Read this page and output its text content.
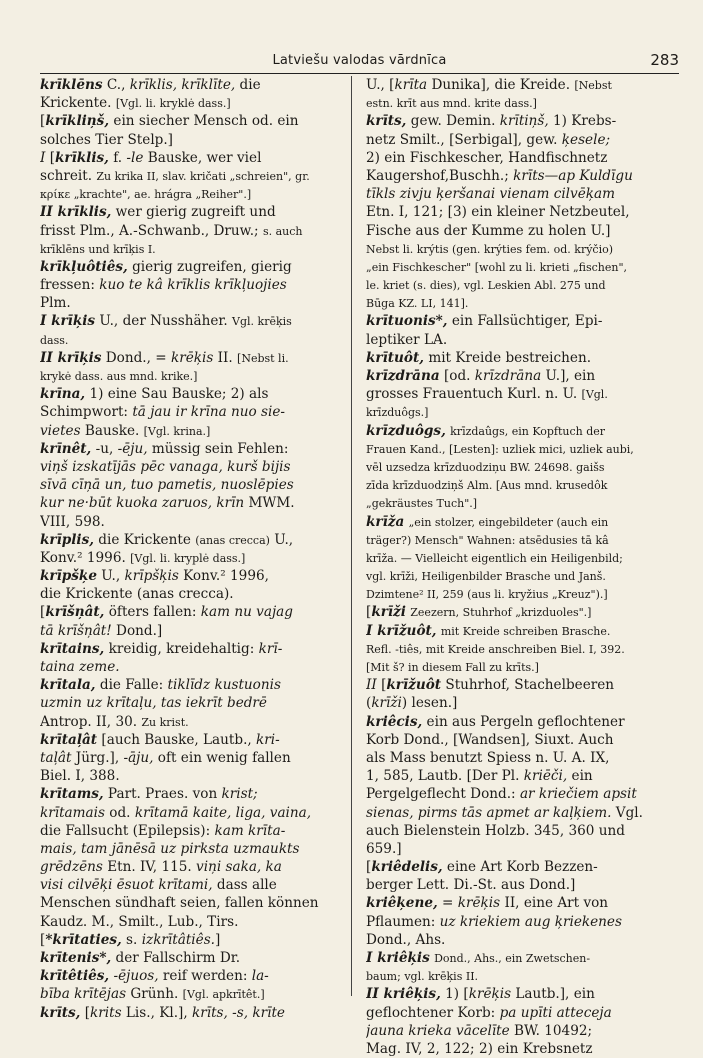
Latviešu valodas vārdnīca	283
krīklēns C., krīklis, krīklīte, die
Krickente. [Vgl. li. kryklė dass.]
[krīkliņš, ein siecher Mensch od. ein
solches Tier Stelp.]
I [krīklis, f. -le Bauske, wer viel
schreit. Zu krika II, slav. kričati „schreien", gr.
κρίκε „krachte", ae. hrágra „Reiher".]
II krīklis, wer gierig zugreift und
frisst Plm., A.-Schwanb., Druw.; s. auch
krīklēns und krīķis I.
krīkļuôtiês, gierig zugreifen, gierig
fressen: kuo te kâ krīklis krīkļuojies
Plm.
I krīķis U., der Nusshäher. Vgl. krēķis
dass.
II krīķis Dond., = krēķis II. [Nebst li.
krykė dass. aus mnd. krike.]
krīna, 1) eine Sau Bauske; 2) als
Schimpwort: tā jau ir krīna nuo sie-
vietes Bauske. [Vgl. krina.]
krīnêt, -u, -ēju, müssig sein Fehlen:
viņš izskatījās pēc vanaga, kurš bijis
sīvā cīņā un, tuo pametis, nuoslēpies
kur ne·būt kuoka zaruos, krīn MWM.
VIII, 598.
krīplis, die Krickente (anas crecca) U.,
Konv.² 1996. [Vgl. li. kryplė dass.]
krīpšķe U., krīpšķis Konv.² 1996,
die Krickente (anas crecca).
[krīšņât, öfters fallen: kam nu vajag
tā krīšņât! Dond.]
krītains, kreidig, kreidehaltig: krī-
taina zeme.
krītala, die Falle: tiklīdz kustuonis
uzmin uz krītaļu, tas iekrīt bedrē
Antrop. II, 30. Zu krist.
krītaļât [auch Bauske, Lautb., kri-
taļât Jürg.], -āju, oft ein wenig fallen
Biel. I, 388.
krītams, Part. Praes. von krist;
krītamais od. krītamā kaite, liga, vaina,
die Fallsucht (Epilepsis): kam krīta-
mais, tam jānēsā uz pirksta uzmaukts
grēdzēns Etn. IV, 115. viņi saka, ka
visi cilvēķi ēsuot krītami, dass alle
Menschen sündhaft seien, fallen können
Kaudz. M., Smilt., Lub., Tirs.
[*krītaties, s. izkrītâtiês.]
krītenis*, der Fallschirm Dr.
krītêtiês, -ējuos, reif werden: la-
bība krītējas Grünh. [Vgl. apkrītêt.]
krīts, [krits Lis., Kl.], krīts, -s, krīte
U., [krīta Dunika], die Kreide. [Nebst
estn. krīt aus mnd. krite dass.]
krīts, gew. Demin. krītiņš, 1) Krebs-
netz Smilt., [Serbigal], gew. ķesele;
2) ein Fischkescher, Handfischnetz
Kaugershof,Buschh.; krīts—ap Kuldīgu
tīkls zivju ķeršanai vienam cilvēķam
Etn. I, 121; [3) ein kleiner Netzbeutel,
Fische aus der Kumme zu holen U.]
Nebst li. krýtis (gen. krýties fem. od. krýčio)
„ein Fischkescher" [wohl zu li. krieti „fischen",
le. kriet (s. dies), vgl. Leskien Abl. 275 und
Būga KZ. LI, 141].
krītuonis*, ein Fallsüchtiger, Epi-
leptiker LA.
krītuôt, mit Kreide bestreichen.
krīzdrāna [od. krīzdrāna U.], ein
grosses Frauentuch Kurl. n. U. [Vgl.
krīzduôgs.]
krīzduôgs, krīzdaûgs, ein Kopftuch der
Frauen Kand., [Lesten]: uzliek mici, uzliek aubi,
vēl uzsedza krīzduodziņu BW. 24698. gaišs
zīda krīzduodziņš Alm. [Aus mnd. krusedôk
„gekräustes Tuch".]
krīža „ein stolzer, eingebildeter (auch ein
träger?) Mensch" Wahnen: atsēdusies tā kâ
krīža. — Vielleicht eigentlich ein Heiligenbild;
vgl. krīži, Heiligenbilder Brasche und Janš.
Dzimtene² II, 259 (aus li. kryžius „Kreuz").]
[krīži Zeezern, Stuhrhof „krizduoles".]
I krīžuôt, mit Kreide schreiben Brasche.
Refl. -tiês, mit Kreide anschreiben Biel. I, 392.
[Mit š? in diesem Fall zu krīts.]
II [krīžuôt Stuhrhof, Stachelbeeren
(krīži) lesen.]
kriêcis, ein aus Pergeln geflochtener
Korb Dond., [Wandsen], Siuxt. Auch
als Mass benutzt Spiess n. U. A. IX,
1, 585, Lautb. [Der Pl. kriēči, ein
Pergelgeflecht Dond.: ar kriečiem apsit
sienas, pirms tās apmet ar kaļķiem. Vgl.
auch Bielenstein Holzb. 345, 360 und
659.]
[kriêdelis, eine Art Korb Bezzen-
berger Lett. Di.-St. aus Dond.]
kriêķene, = krēķis II, eine Art von
Pflaumen: uz kriekiem aug ķriekenes
Dond., Ahs.
I kriêķis Dond., Ahs., ein Zwetschen-
baum; vgl. krēķis II.
II kriêķis, 1) [krēķis Lautb.], ein
geflochtener Korb: pa upīti atteceja
jauna krieka vācelīte BW. 10492;
Mag. IV, 2, 122; 2) ein Krebsnetz
